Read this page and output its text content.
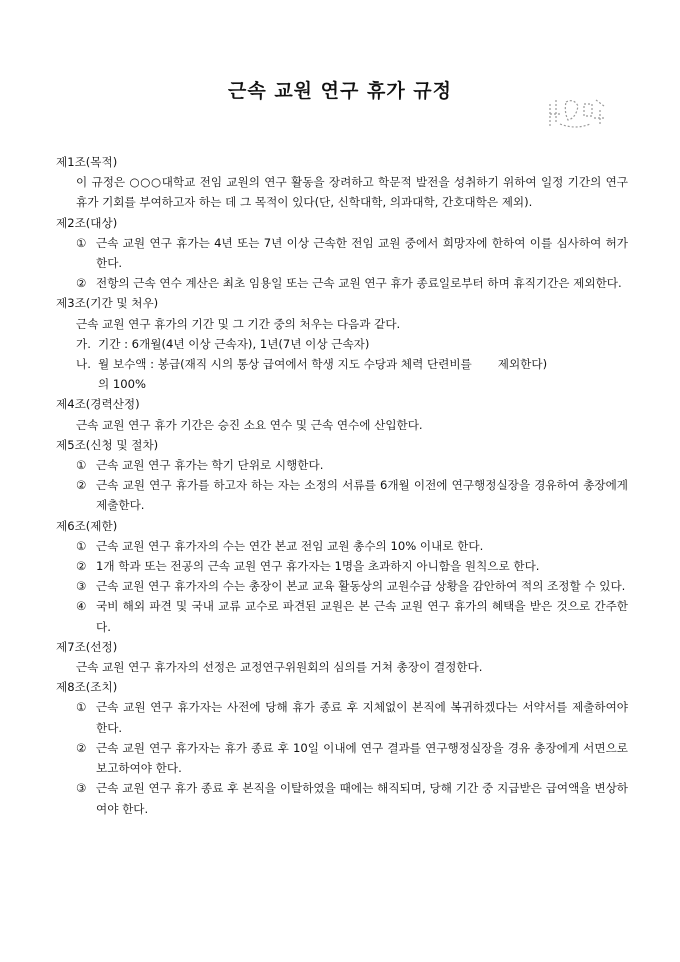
근속 교원 연구 휴가 규정
제1조(목적)
이 규정은 ○○○대학교 전임 교원의 연구 활동을 장려하고 학문적 발전을 성취하기 위하여 일정 기간의 연구 휴가 기회를 부여하고자 하는 데 그 목적이 있다(단, 신학대학, 의과대학, 간호대학은 제외).
제2조(대상)
① 근속 교원 연구 휴가는 4년 또는 7년 이상 근속한 전임 교원 중에서 희망자에 한하여 이를 심사하여 허가한다.
② 전항의 근속 연수 계산은 최초 임용일 또는 근속 교원 연구 휴가 종료일로부터 하며 휴직기간은 제외한다.
제3조(기간 및 처우)
근속 교원 연구 휴가의 기간 및 그 기간 중의 처우는 다음과 같다.
가. 기간 : 6개월(4년 이상 근속자), 1년(7년 이상 근속자)
나. 월 보수액 : 봉급(재직 시의 통상 급여에서 학생 지도 수당과 체력 단련비를 제외한다)
의 100%
제4조(경력산정)
근속 교원 연구 휴가 기간은 승진 소요 연수 및 근속 연수에 산입한다.
제5조(신청 및 절차)
① 근속 교원 연구 휴가는 학기 단위로 시행한다.
② 근속 교원 연구 휴가를 하고자 하는 자는 소정의 서류를 6개월 이전에 연구행정실장을 경유하여 총장에게 제출한다.
제6조(제한)
① 근속 교원 연구 휴가자의 수는 연간 본교 전임 교원 총수의 10% 이내로 한다.
② 1개 학과 또는 전공의 근속 교원 연구 휴가자는 1명을 초과하지 아니함을 원칙으로 한다.
③ 근속 교원 연구 휴가자의 수는 총장이 본교 교육 활동상의 교원수급 상황을 감안하여 적의 조정할 수 있다.
④ 국비 해외 파견 및 국내 교류 교수로 파견된 교원은 본 근속 교원 연구 휴가의 혜택을 받은 것으로 간주한다.
제7조(선정)
근속 교원 연구 휴가자의 선정은 교정연구위원회의 심의를 거쳐 총장이 결정한다.
제8조(조치)
① 근속 교원 연구 휴가자는 사전에 당해 휴가 종료 후 지체없이 본직에 복귀하겠다는 서약서를 제출하여야 한다.
② 근속 교원 연구 휴가자는 휴가 종료 후 10일 이내에 연구 결과를 연구행정실장을 경유 총장에게 서면으로 보고하여야 한다.
③ 근속 교원 연구 휴가 종료 후 본직을 이탈하였을 때에는 해직되며, 당해 기간 중 지급받은 급여액을 변상하여야 한다.
